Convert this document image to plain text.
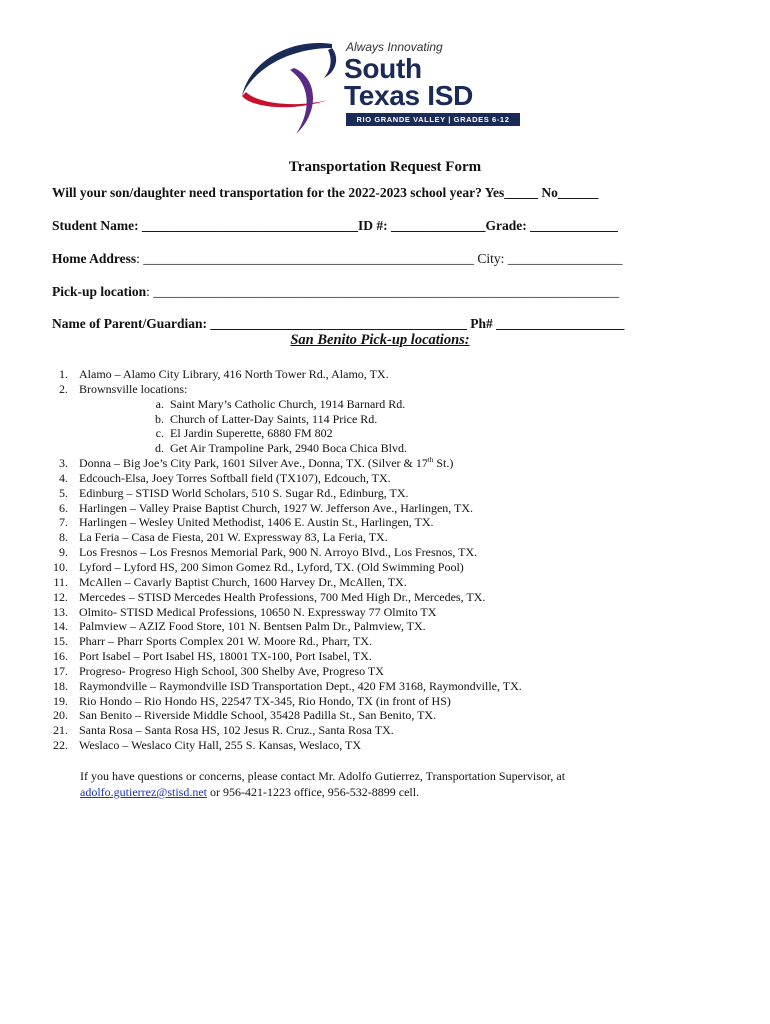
Always Innovating
South
Texas ISD
RIO GRANDE VALLEY | GRADES 6-12
Transportation Request Form
Will your son/daughter need transportation for the 2022-2023 school year? Yes_____ No______
Student Name: ________________________________ID #: ______________Grade: _____________
Home Address: _________________________________________________ City: _________________
Pick-up location: _____________________________________________________________________
Name of Parent/Guardian: ______________________________________ Ph# ___________________
San Benito Pick-up locations:
1. Alamo – Alamo City Library, 416 North Tower Rd., Alamo, TX.
2. Brownsville locations:
a. Saint Mary’s Catholic Church, 1914 Barnard Rd.
b. Church of Latter-Day Saints, 114 Price Rd.
c. El Jardin Superette, 6880 FM 802
d. Get Air Trampoline Park, 2940 Boca Chica Blvd.
3. Donna – Big Joe’s City Park, 1601 Silver Ave., Donna, TX. (Silver & 17th St.)
4. Edcouch-Elsa, Joey Torres Softball field (TX107), Edcouch, TX.
5. Edinburg – STISD World Scholars, 510 S. Sugar Rd., Edinburg, TX.
6. Harlingen – Valley Praise Baptist Church, 1927 W. Jefferson Ave., Harlingen, TX.
7. Harlingen – Wesley United Methodist, 1406 E. Austin St., Harlingen, TX.
8. La Feria – Casa de Fiesta, 201 W. Expressway 83, La Feria, TX.
9. Los Fresnos – Los Fresnos Memorial Park, 900 N. Arroyo Blvd., Los Fresnos, TX.
10. Lyford – Lyford HS, 200 Simon Gomez Rd., Lyford, TX. (Old Swimming Pool)
11. McAllen – Cavarly Baptist Church, 1600 Harvey Dr., McAllen, TX.
12. Mercedes – STISD Mercedes Health Professions, 700 Med High Dr., Mercedes, TX.
13. Olmito- STISD Medical Professions, 10650 N. Expressway 77 Olmito TX
14. Palmview – AZIZ Food Store, 101 N. Bentsen Palm Dr., Palmview, TX.
15. Pharr – Pharr Sports Complex 201 W. Moore Rd., Pharr, TX.
16. Port Isabel – Port Isabel HS, 18001 TX-100, Port Isabel, TX.
17. Progreso- Progreso High School, 300 Shelby Ave, Progreso TX
18. Raymondville – Raymondville ISD Transportation Dept., 420 FM 3168, Raymondville, TX.
19. Rio Hondo – Rio Hondo HS, 22547 TX-345, Rio Hondo, TX (in front of HS)
20. San Benito – Riverside Middle School, 35428 Padilla St., San Benito, TX.
21. Santa Rosa – Santa Rosa HS, 102 Jesus R. Cruz., Santa Rosa TX.
22. Weslaco – Weslaco City Hall, 255 S. Kansas, Weslaco, TX
If you have questions or concerns, please contact Mr. Adolfo Gutierrez, Transportation Supervisor, at
adolfo.gutierrez@stisd.net or 956-421-1223 office, 956-532-8899 cell.
